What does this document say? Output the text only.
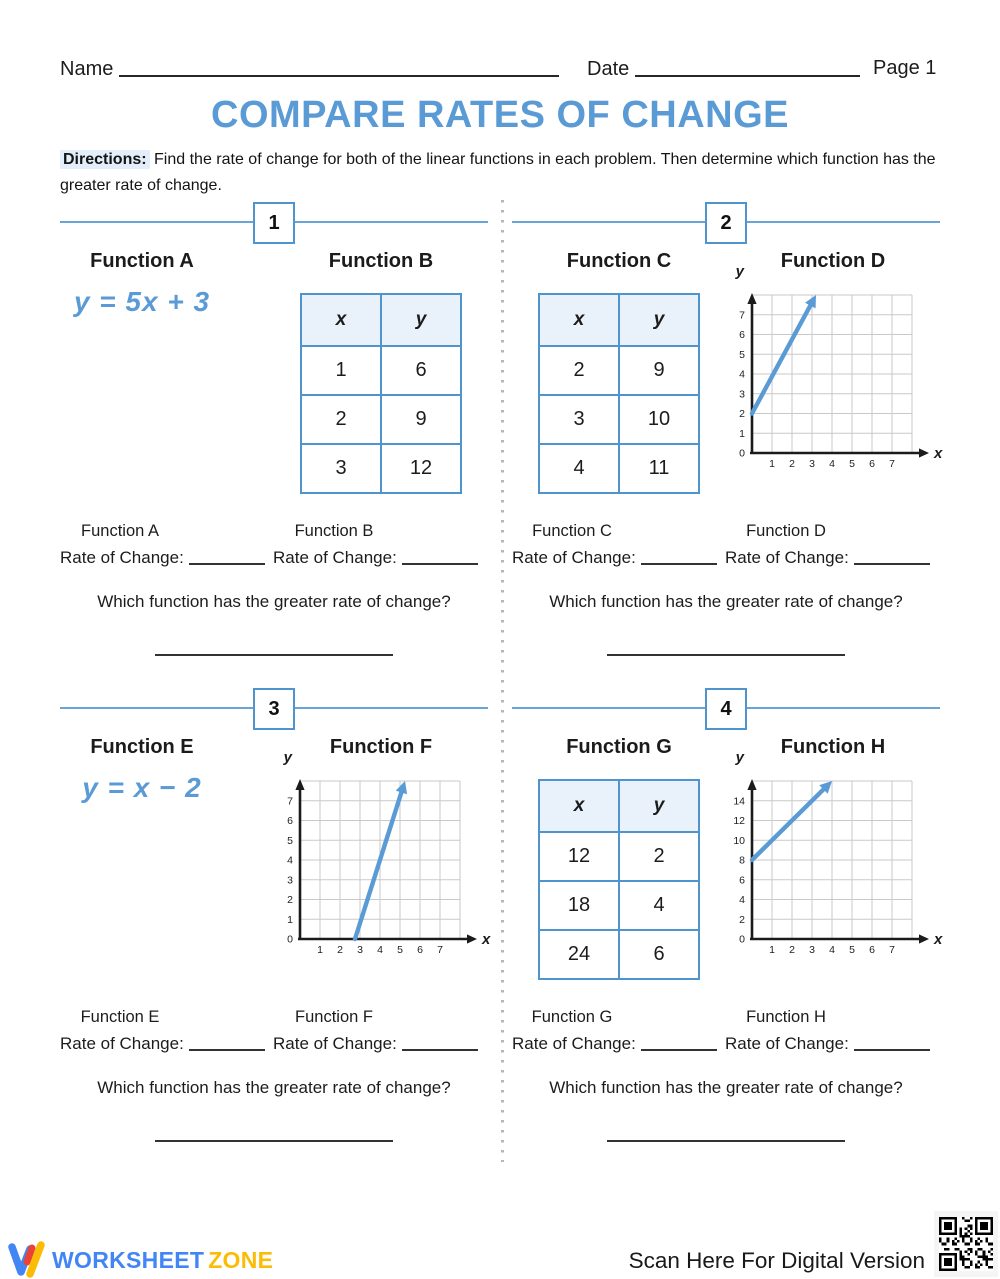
Name	Date	Page 1
COMPARE RATES OF CHANGE
Directions: Find the rate of change for both of the linear functions in each problem. Then determine which function has the greater rate of change.
1
Function A	Function B
y = 5x + 3
x	y
1	6
2	9
3	12
Function A	Function B
Rate of Change:	Rate of Change:
Which function has the greater rate of change?
2
Function C	Function D
x	y
2	9
3	10
4	11
0
1
2
3
4
5
6
7
1 2 3 4 5 6 7
y
x
Function C	Function D
Rate of Change:	Rate of Change:
Which function has the greater rate of change?
3
Function E	Function F
y = x − 2
0
1
2
3
4
5
6
7
1 2 3 4 5 6 7
y
x
Function E	Function F
Rate of Change:	Rate of Change:
Which function has the greater rate of change?
4
Function G	Function H
x	y
12	2
18	4
24	6
0
2
4
6
8
10
12
14
1 2 3 4 5 6 7
y
x
Function G	Function H
Rate of Change:	Rate of Change:
Which function has the greater rate of change?
WORKSHEET ZONE	Scan Here For Digital Version
